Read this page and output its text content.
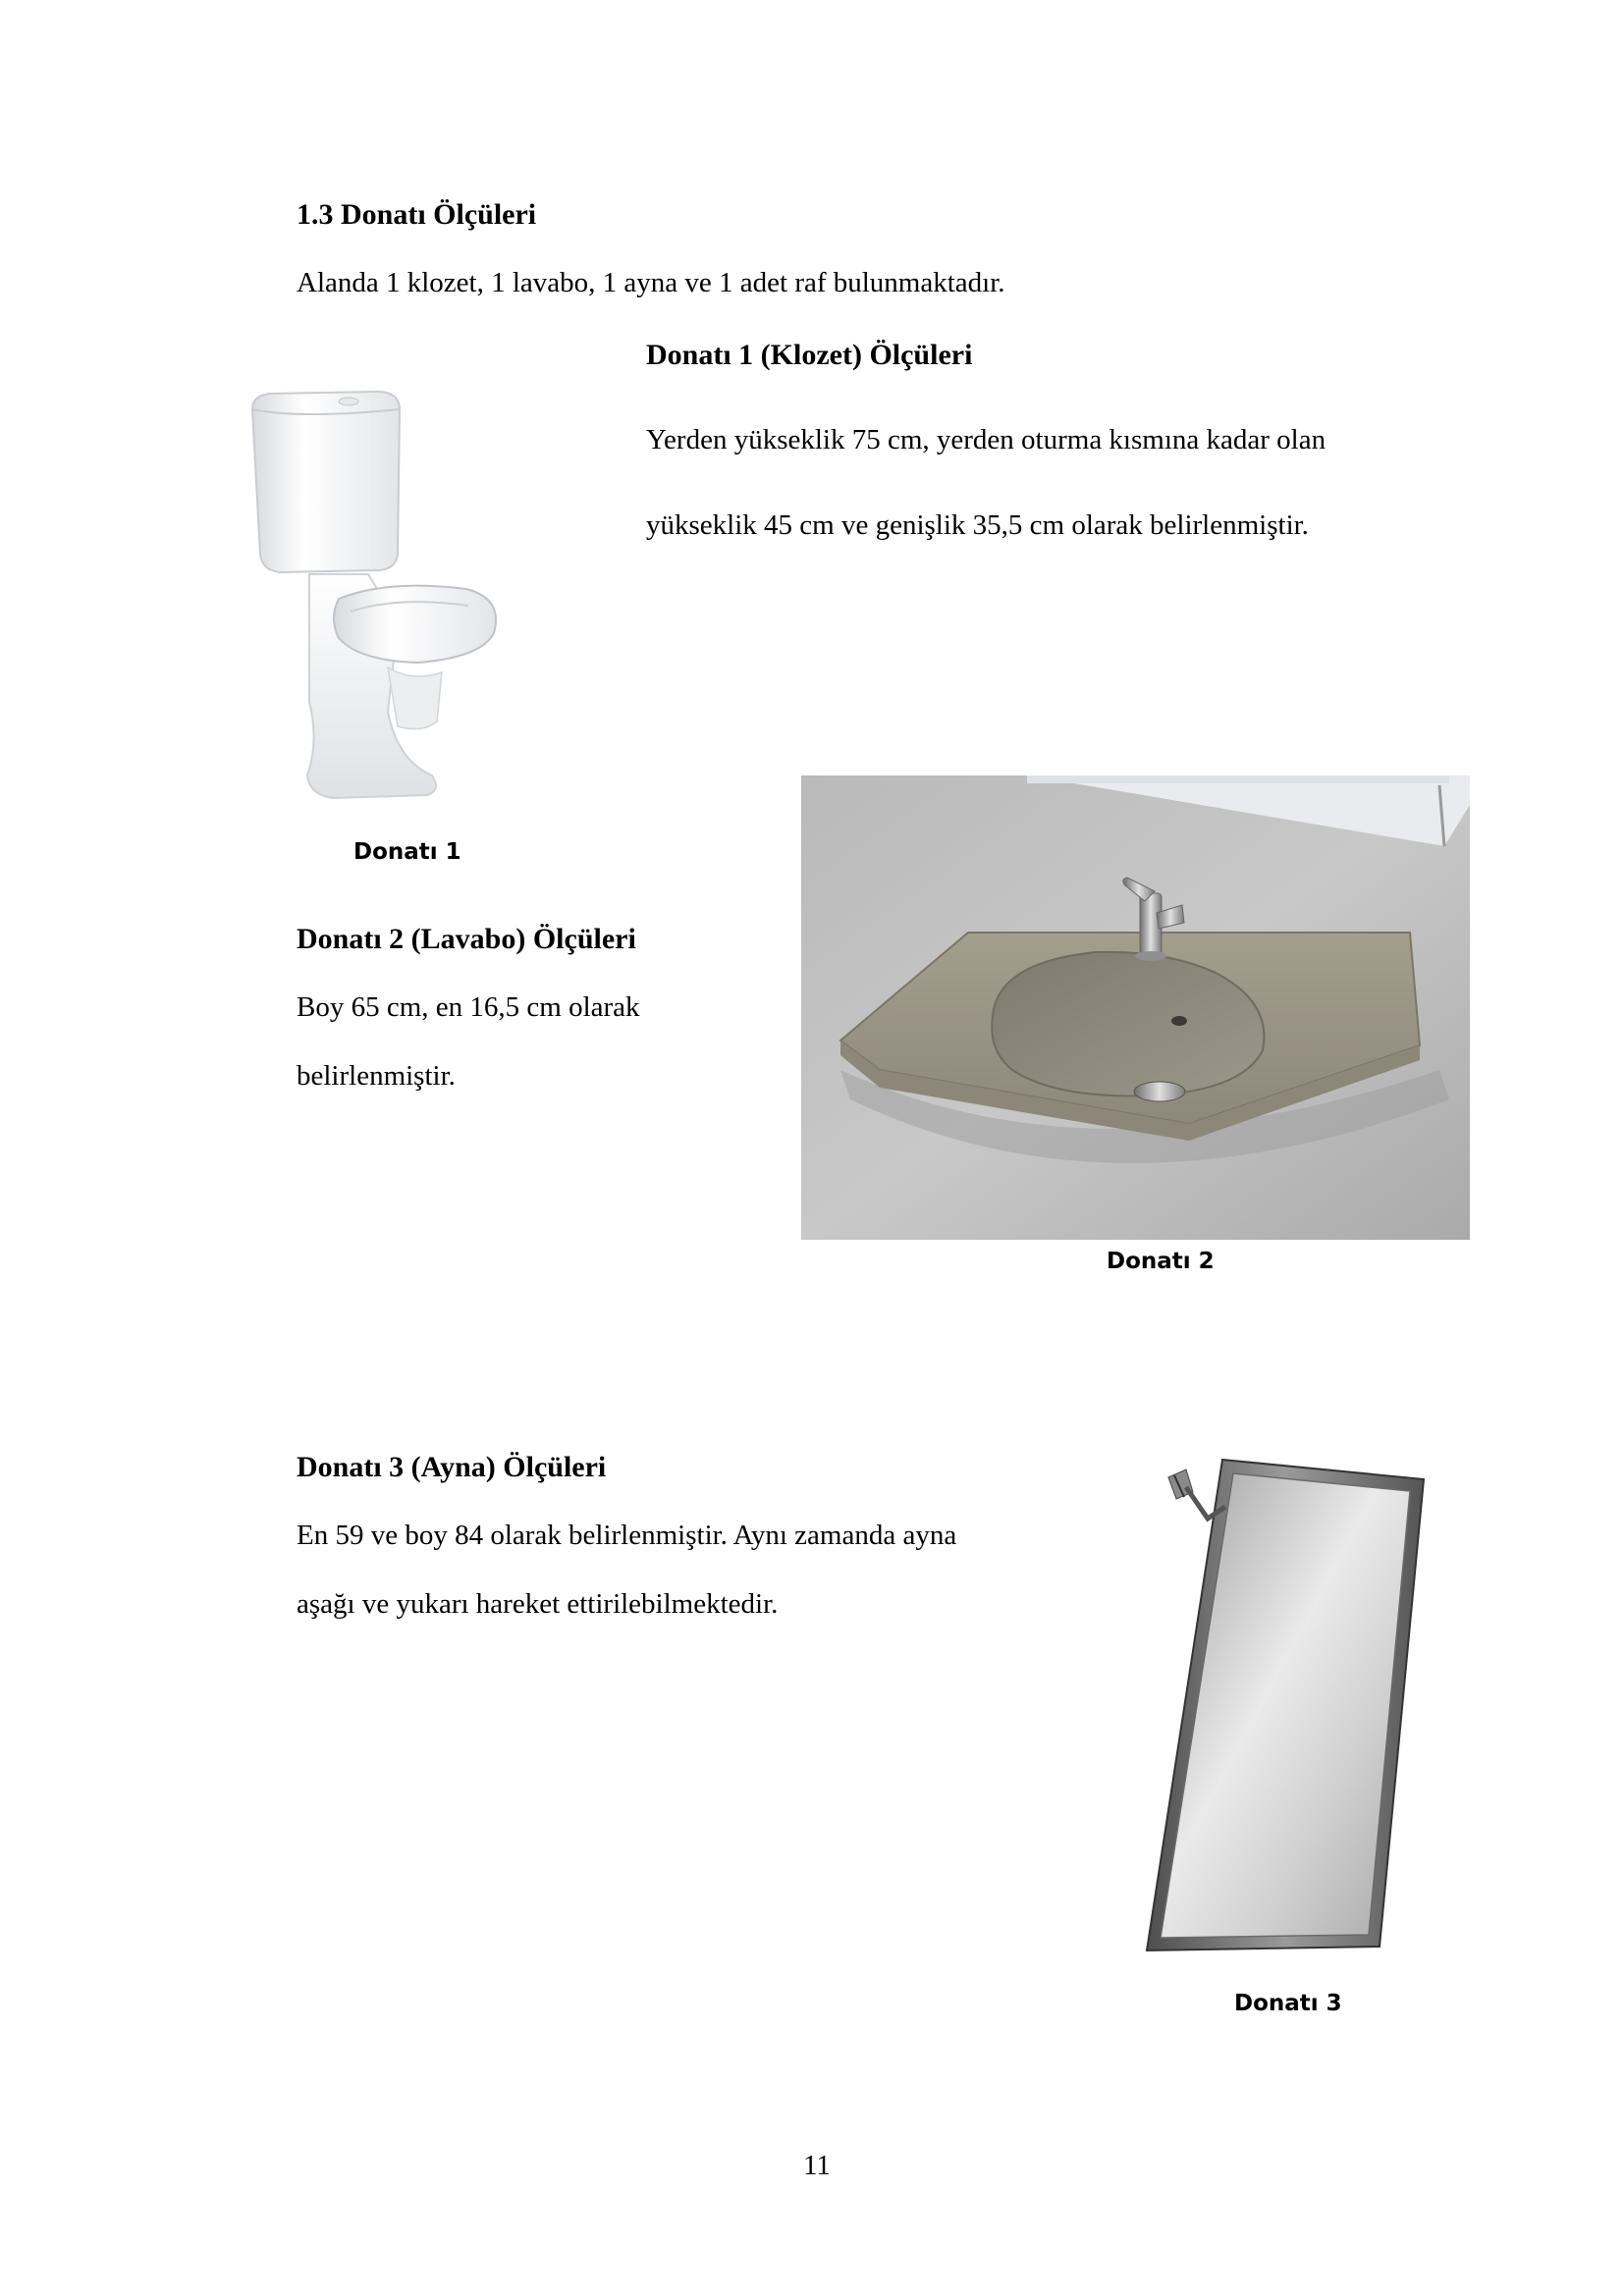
1.3 Donatı Ölçüleri
Alanda 1 klozet, 1 lavabo, 1 ayna ve 1 adet raf bulunmaktadır.
Donatı 1 (Klozet) Ölçüleri
Yerden yükseklik 75 cm, yerden oturma kısmına kadar olan
yükseklik 45 cm ve genişlik 35,5 cm olarak belirlenmiştir.
Donatı 1
Donatı 2 (Lavabo) Ölçüleri
Boy 65 cm, en 16,5 cm olarak
belirlenmiştir.
Donatı 2
Donatı 3 (Ayna) Ölçüleri
En 59 ve boy 84 olarak belirlenmiştir. Aynı zamanda ayna
aşağı ve yukarı hareket ettirilebilmektedir.
Donatı 3
11
